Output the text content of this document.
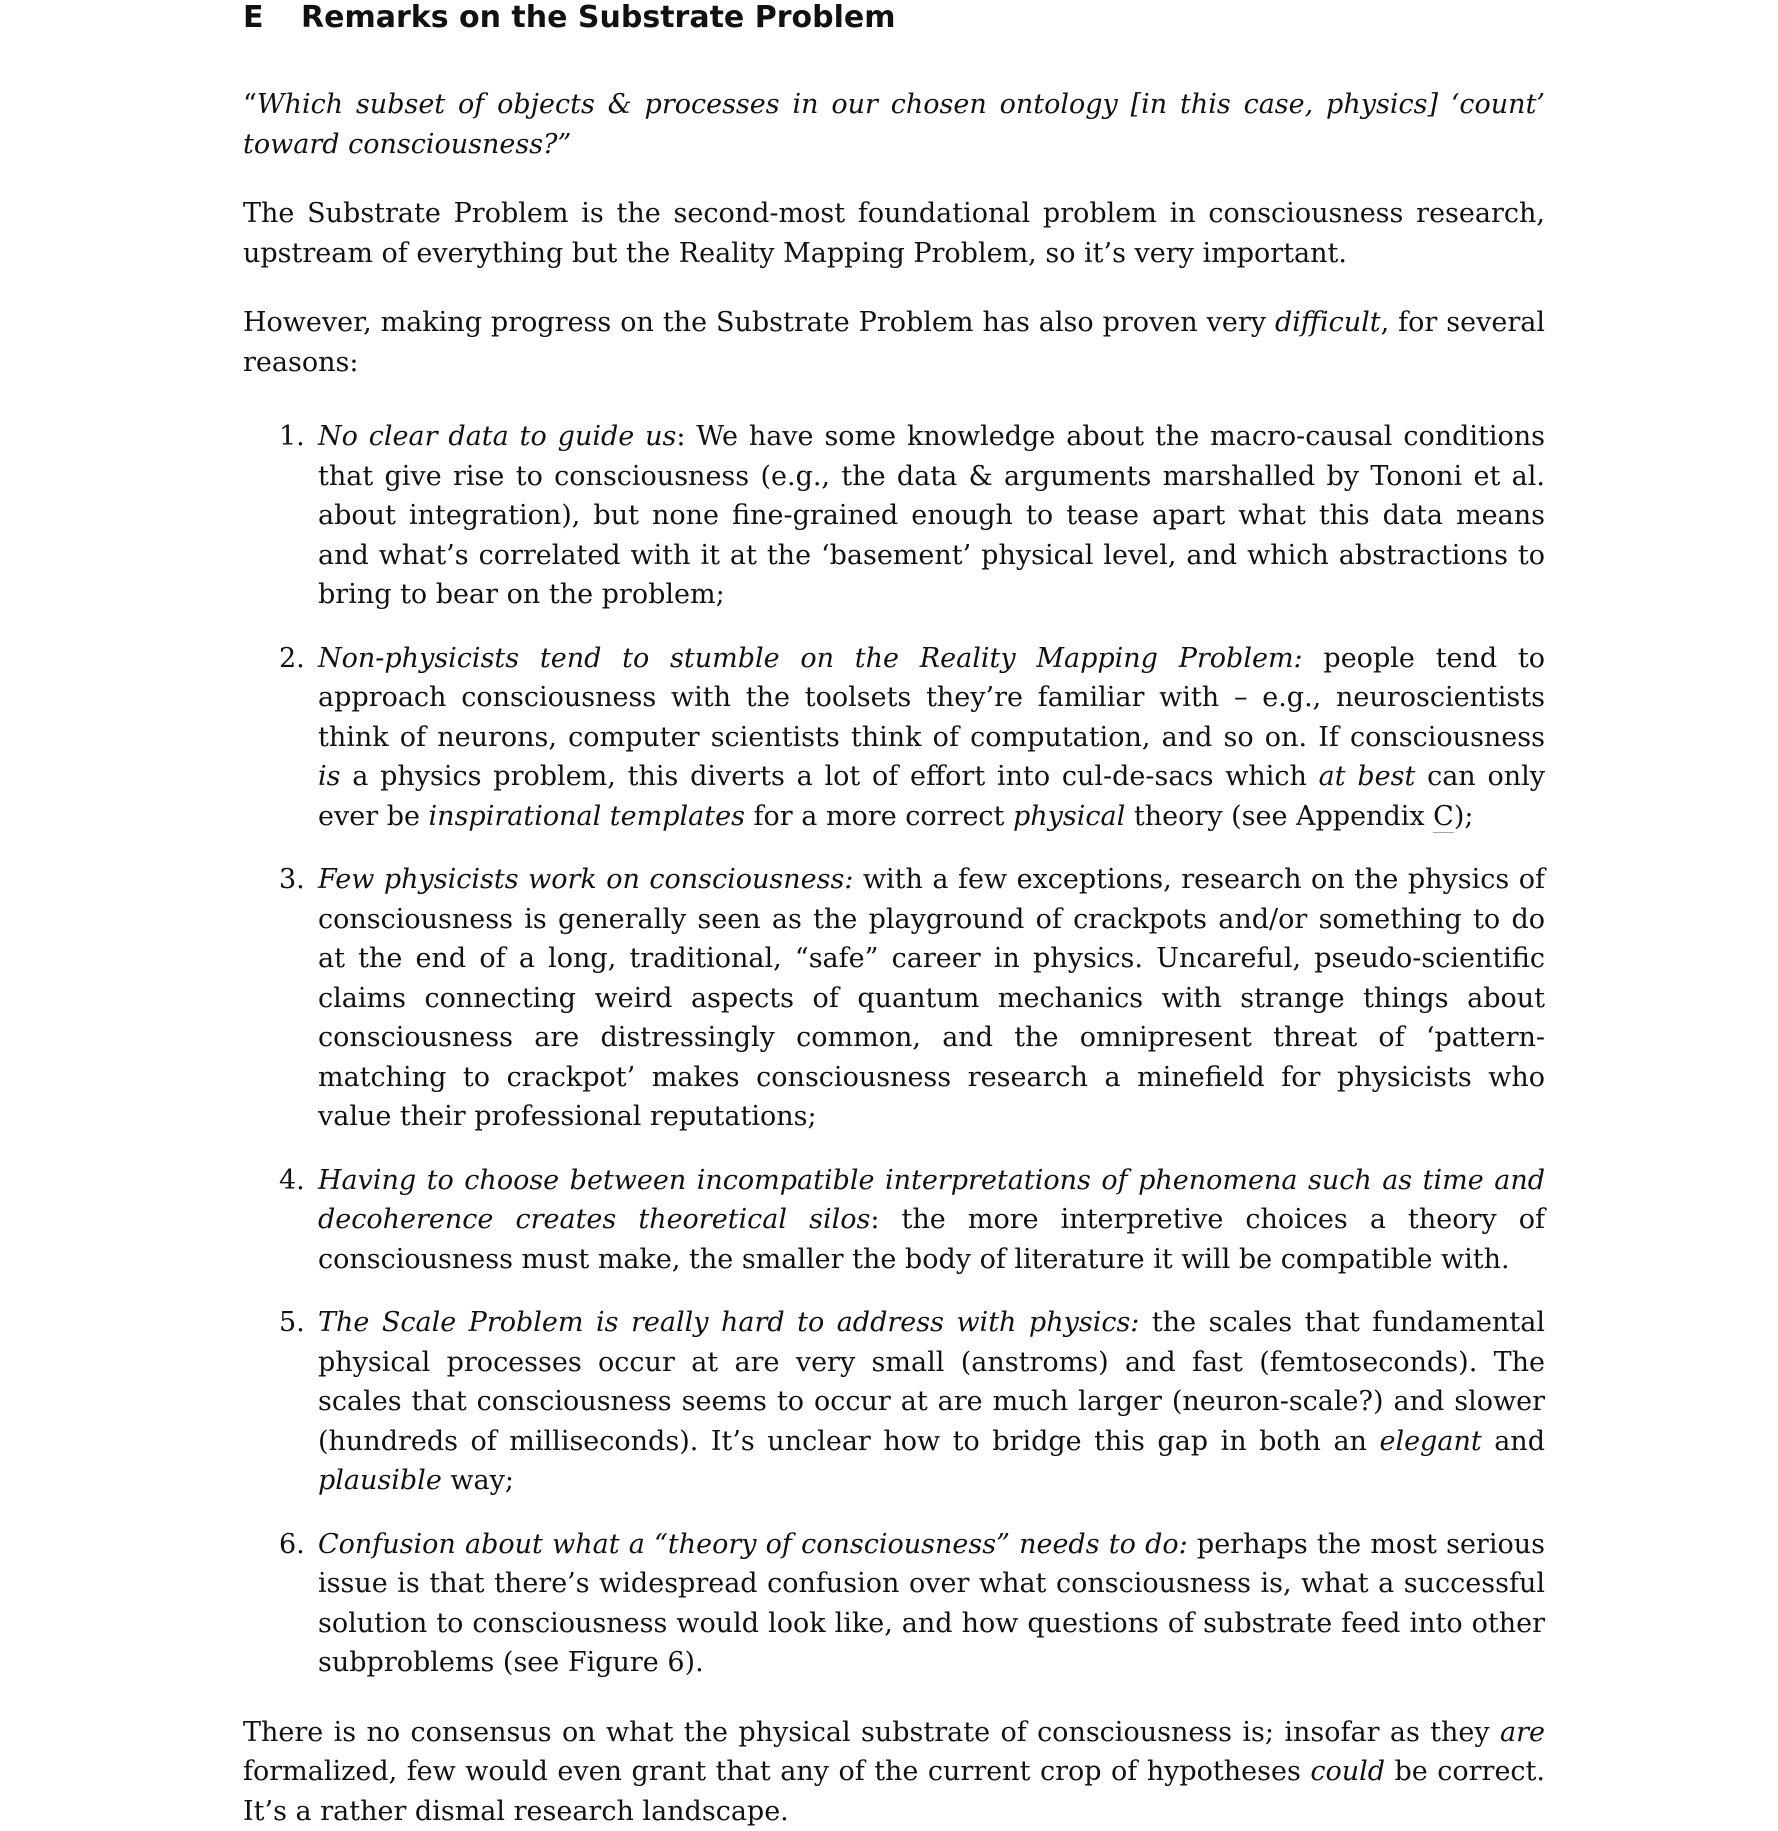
E	Remarks on the Substrate Problem

“Which subset of objects & processes in our chosen ontology [in this case, physics] ‘count’ toward consciousness?”

The Substrate Problem is the second-most foundational problem in consciousness research, upstream of everything but the Reality Mapping Problem, so it’s very important.

However, making progress on the Substrate Problem has also proven very difficult, for several reasons:

1. No clear data to guide us: We have some knowledge about the macro-causal conditions that give rise to consciousness (e.g., the data & arguments marshalled by Tononi et al. about integration), but none fine-grained enough to tease apart what this data means and what’s correlated with it at the ‘basement’ physical level, and which abstractions to bring to bear on the problem;
2. Non-physicists tend to stumble on the Reality Mapping Problem: people tend to approach consciousness with the toolsets they’re familiar with – e.g., neuroscientists think of neurons, computer scientists think of computation, and so on. If consciousness is a physics problem, this diverts a lot of effort into cul-de-sacs which at best can only ever be inspirational templates for a more correct physical theory (see Appendix C);
3. Few physicists work on consciousness: with a few exceptions, research on the physics of consciousness is generally seen as the playground of crackpots and/or something to do at the end of a long, traditional, “safe” career in physics. Uncareful, pseudo-scientific claims connecting weird aspects of quantum mechanics with strange things about consciousness are distressingly common, and the omnipresent threat of ‘pattern-matching to crackpot’ makes consciousness research a minefield for physicists who value their professional reputations;
4. Having to choose between incompatible interpretations of phenomena such as time and decoherence creates theoretical silos: the more interpretive choices a theory of consciousness must make, the smaller the body of literature it will be compatible with.
5. The Scale Problem is really hard to address with physics: the scales that fundamental physical processes occur at are very small (anstroms) and fast (femtoseconds). The scales that consciousness seems to occur at are much larger (neuron-scale?) and slower (hundreds of milliseconds). It’s unclear how to bridge this gap in both an elegant and plausible way;
6. Confusion about what a “theory of consciousness” needs to do: perhaps the most serious issue is that there’s widespread confusion over what consciousness is, what a successful solution to consciousness would look like, and how questions of substrate feed into other subproblems (see Figure 6).

There is no consensus on what the physical substrate of consciousness is; insofar as they are formalized, few would even grant that any of the current crop of hypotheses could be correct. It’s a rather dismal research landscape.
